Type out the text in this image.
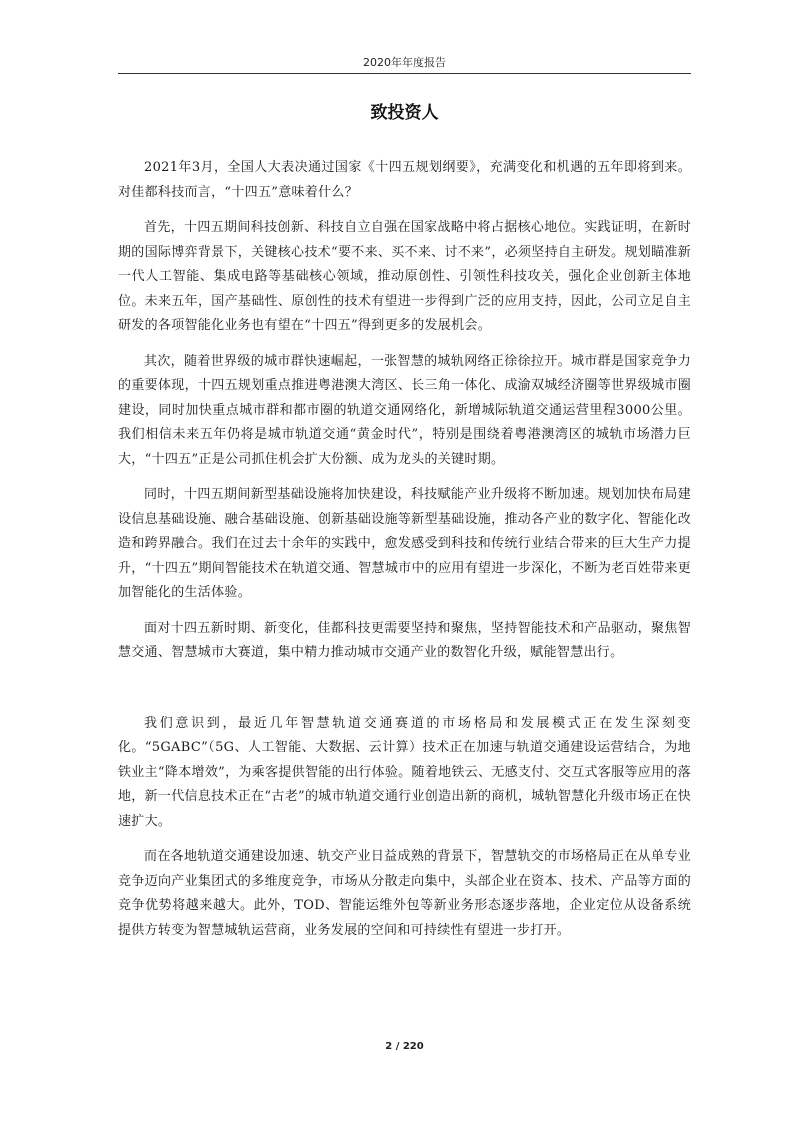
2020年年度报告
致投资人

2021年3月，全国人大表决通过国家《十四五规划纲要》，充满变化和机遇的五年即将到来。对佳都科技而言，“十四五”意味着什么？

首先，十四五期间科技创新、科技自立自强在国家战略中将占据核心地位。实践证明，在新时期的国际博弈背景下，关键核心技术“要不来、买不来、讨不来”，必须坚持自主研发。规划瞄准新一代人工智能、集成电路等基础核心领域，推动原创性、引领性科技攻关，强化企业创新主体地位。未来五年，国产基础性、原创性的技术有望进一步得到广泛的应用支持，因此，公司立足自主研发的各项智能化业务也有望在“十四五”得到更多的发展机会。

其次，随着世界级的城市群快速崛起，一张智慧的城轨网络正徐徐拉开。城市群是国家竞争力的重要体现，十四五规划重点推进粤港澳大湾区、长三角一体化、成渝双城经济圈等世界级城市圈建设，同时加快重点城市群和都市圈的轨道交通网络化，新增城际轨道交通运营里程3000公里。我们相信未来五年仍将是城市轨道交通“黄金时代”，特别是围绕着粤港澳湾区的城轨市场潜力巨大，“十四五”正是公司抓住机会扩大份额、成为龙头的关键时期。

同时，十四五期间新型基础设施将加快建设，科技赋能产业升级将不断加速。规划加快布局建设信息基础设施、融合基础设施、创新基础设施等新型基础设施，推动各产业的数字化、智能化改造和跨界融合。我们在过去十余年的实践中，愈发感受到科技和传统行业结合带来的巨大生产力提升，“十四五”期间智能技术在轨道交通、智慧城市中的应用有望进一步深化，不断为老百姓带来更加智能化的生活体验。

面对十四五新时期、新变化，佳都科技更需要坚持和聚焦，坚持智能技术和产品驱动，聚焦智慧交通、智慧城市大赛道，集中精力推动城市交通产业的数智化升级，赋能智慧出行。

我们意识到，最近几年智慧轨道交通赛道的市场格局和发展模式正在发生深刻变化。“5GABC”（5G、人工智能、大数据、云计算）技术正在加速与轨道交通建设运营结合，为地铁业主“降本增效”，为乘客提供智能的出行体验。随着地铁云、无感支付、交互式客服等应用的落地，新一代信息技术正在“古老”的城市轨道交通行业创造出新的商机，城轨智慧化升级市场正在快速扩大。

而在各地轨道交通建设加速、轨交产业日益成熟的背景下，智慧轨交的市场格局正在从单专业竞争迈向产业集团式的多维度竞争，市场从分散走向集中，头部企业在资本、技术、产品等方面的竞争优势将越来越大。此外，TOD、智能运维外包等新业务形态逐步落地，企业定位从设备系统提供方转变为智慧城轨运营商，业务发展的空间和可持续性有望进一步打开。

2 / 220
